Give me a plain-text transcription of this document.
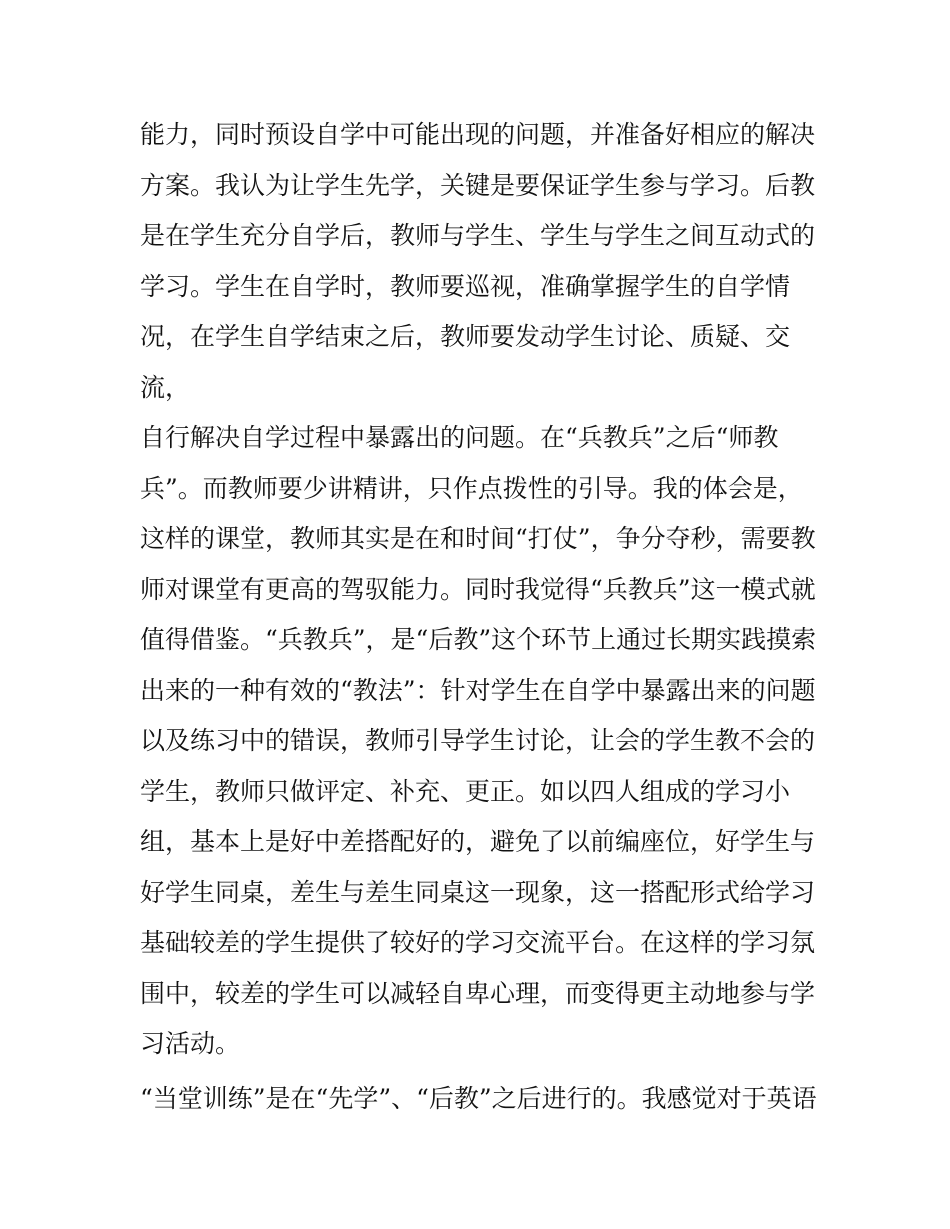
能力，同时预设自学中可能出现的问题，并准备好相应的解决
方案。我认为让学生先学，关键是要保证学生参与学习。后教
是在学生充分自学后，教师与学生、学生与学生之间互动式的
学习。学生在自学时，教师要巡视，准确掌握学生的自学情
况，在学生自学结束之后，教师要发动学生讨论、质疑、交
流，
自行解决自学过程中暴露出的问题。在“兵教兵”之后“师教
兵”。而教师要少讲精讲，只作点拨性的引导。我的体会是，
这样的课堂，教师其实是在和时间“打仗”，争分夺秒，需要教
师对课堂有更高的驾驭能力。同时我觉得“兵教兵”这一模式就
值得借鉴。“兵教兵”，是“后教”这个环节上通过长期实践摸索
出来的一种有效的“教法”：针对学生在自学中暴露出来的问题
以及练习中的错误，教师引导学生讨论，让会的学生教不会的
学生，教师只做评定、补充、更正。如以四人组成的学习小
组，基本上是好中差搭配好的，避免了以前编座位，好学生与
好学生同桌，差生与差生同桌这一现象，这一搭配形式给学习
基础较差的学生提供了较好的学习交流平台。在这样的学习氛
围中，较差的学生可以减轻自卑心理，而变得更主动地参与学
习活动。
“当堂训练”是在“先学”、“后教”之后进行的。我感觉对于英语
